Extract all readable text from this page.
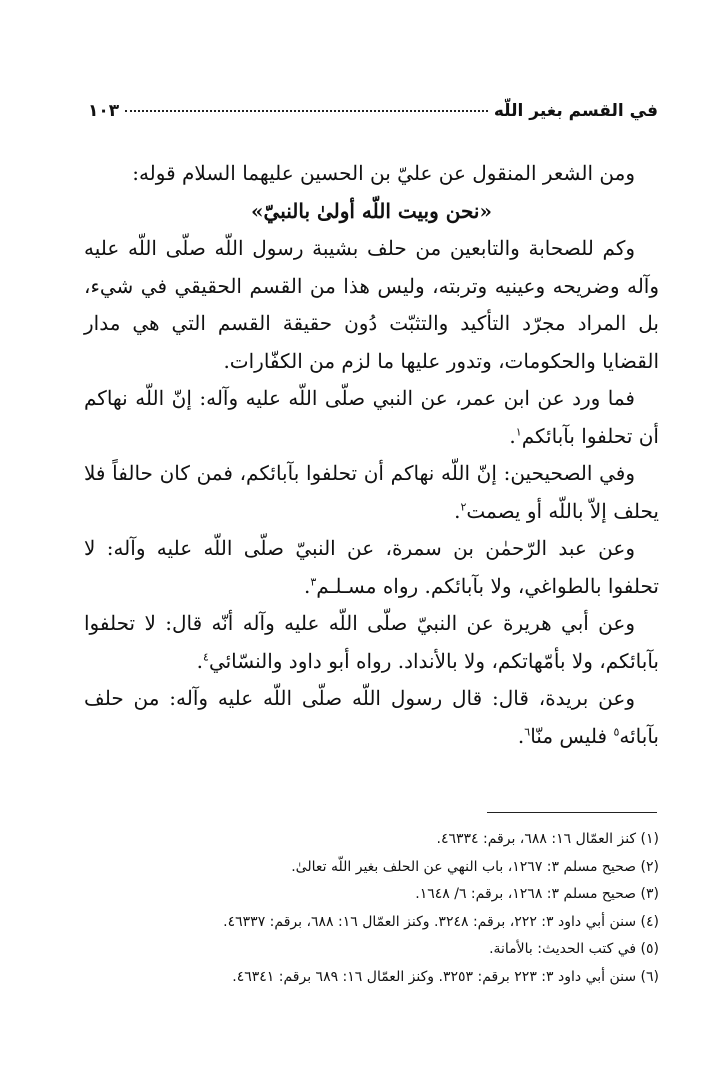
في القسم بغير اللّه
١٠٣

ومن الشعر المنقول عن عليّ بن الحسين عليهما السلام قوله:

«نحن وبيت اللّه أولىٰ بالنبيّ»

وكم للصحابة والتابعين من حلف بشيبة رسول اللّه صلّى اللّه عليه وآله وضريحه وعينيه وتربته، وليس هذا من القسم الحقيقي في شيء، بل المراد مجرّد التأكيد والتثبّت دُون حقيقة القسم التي هي مدار القضايا والحكومات، وتدور عليها ما لزم من الكفّارات.

فما ورد عن ابن عمر، عن النبي صلّى اللّه عليه وآله: إنّ اللّه نهاكم أن تحلفوا بآبائكم$^١$.

وفي الصحيحين: إنّ اللّه نهاكم أن تحلفوا بآبائكم، فمن كان حالفاً فلا يحلف إلاّ باللّه أو يصمت$^٢$.

وعن عبد الرّحمٰن بن سمرة، عن النبيّ صلّى اللّه عليه وآله: لا تحلفوا بالطواغي، ولا بآبائكم. رواه مسـلـم$^٣$.

وعن أبي هريرة عن النبيّ صلّى اللّه عليه وآله أنّه قال: لا تحلفوا بآبائكم، ولا بأمّهاتكم، ولا بالأنداد. رواه أبو داود والنسّائي$^٤$.

وعن بريدة، قال: قال رسول اللّه صلّى اللّه عليه وآله: من حلف بآبائه$^٥$ فليس منّا$^٦$.

(١) كنز العمّال ١٦: ٦٨٨، برقم: ٤٦٣٣٤.

(٢) صحيح مسلم ٣: ١٢٦٧، باب النهي عن الحلف بغير اللّه تعالىٰ.

(٣) صحيح مسلم ٣: ١٢٦٨، برقم: ٦/ ١٦٤٨.

(٤) سنن أبي داود ٣: ٢٢٢، برقم: ٣٢٤٨. وكنز العمّال ١٦: ٦٨٨، برقم: ٤٦٣٣٧.

(٥) في كتب الحديث: بالأمانة.

(٦) سنن أبي داود ٣: ٢٢٣ برقم: ٣٢٥٣. وكنز العمّال ١٦: ٦٨٩ برقم: ٤٦٣٤١.
